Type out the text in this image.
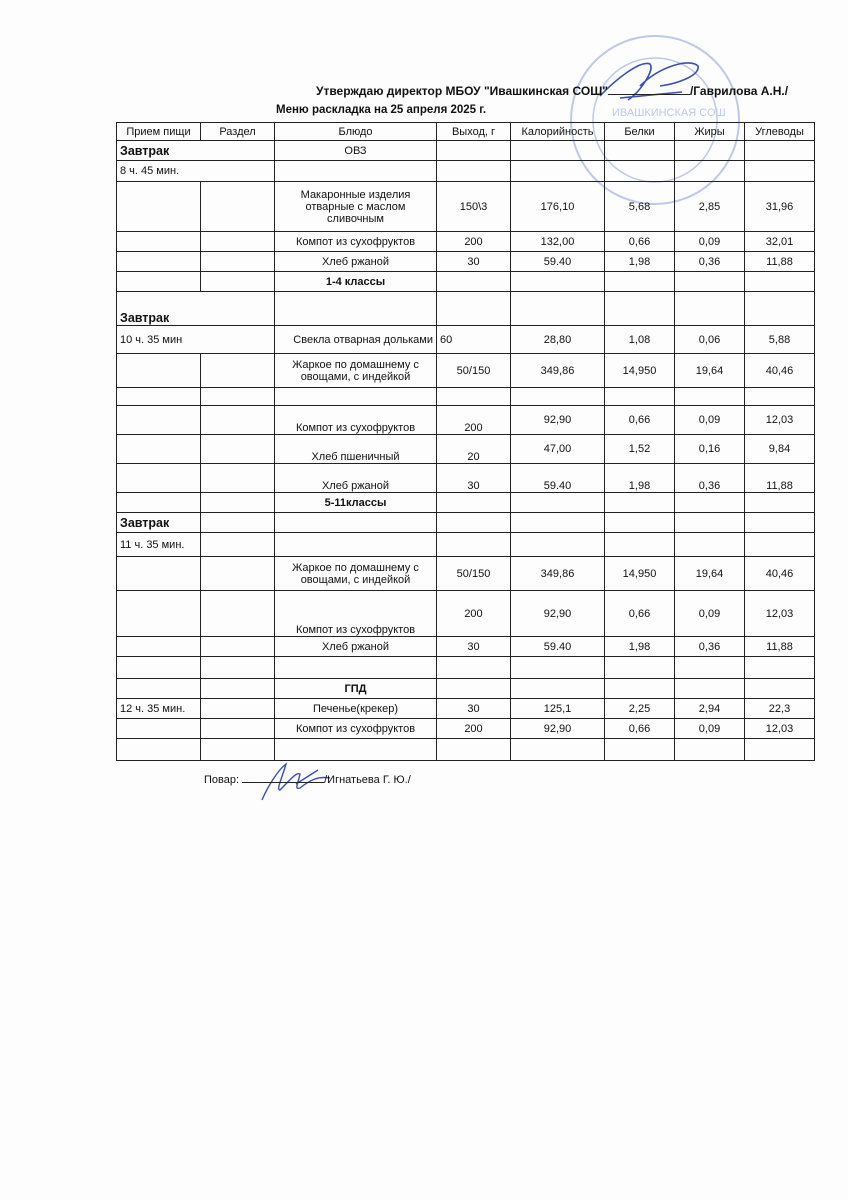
ИВАШКИНСКАЯ СОШ
Утверждаю директор МБОУ "Ивашкинская СОШ"	/Гаврилова А.Н./
Меню раскладка на 25 апреля 2025 г.
Прием пищи	Раздел	Блюдо	Выход, г	Калорийность	Белки	Жиры	Углеводы
Завтрак		ОВЗ					
8 ч. 45 мин.							
		Макаронные изделия отварные с маслом сливочным	150\3	176,10	5,68	2,85	31,96
		Компот из сухофруктов	200	132,00	0,66	0,09	32,01
		Хлеб ржаной	30	59.40	1,98	0,36	11,88
		1-4 классы					
Завтрак							
10 ч. 35 мин		Свекла отварная дольками	60	28,80	1,08	0,06	5,88
		Жаркое по домашнему с овощами, с индейкой	50/150	349,86	14,950	19,64	40,46

		Компот из сухофруктов	200	92,90	0,66	0,09	12,03
		Хлеб пшеничный	20	47,00	1,52	0,16	9,84
		Хлеб ржаной	30	59.40	1,98	0,36	11,88
		5-11классы					
Завтрак							
11 ч. 35 мин.							
		Жаркое по домашнему с овощами, с индейкой	50/150	349,86	14,950	19,64	40,46
		Компот из сухофруктов	200	92,90	0,66	0,09	12,03
		Хлеб ржаной	30	59.40	1,98	0,36	11,88

		ГПД					
12 ч. 35 мин.		Печенье(крекер)	30	125,1	2,25	2,94	22,3
		Компот из сухофруктов	200	92,90	0,66	0,09	12,03

Повар:	/Игнатьева Г. Ю./
